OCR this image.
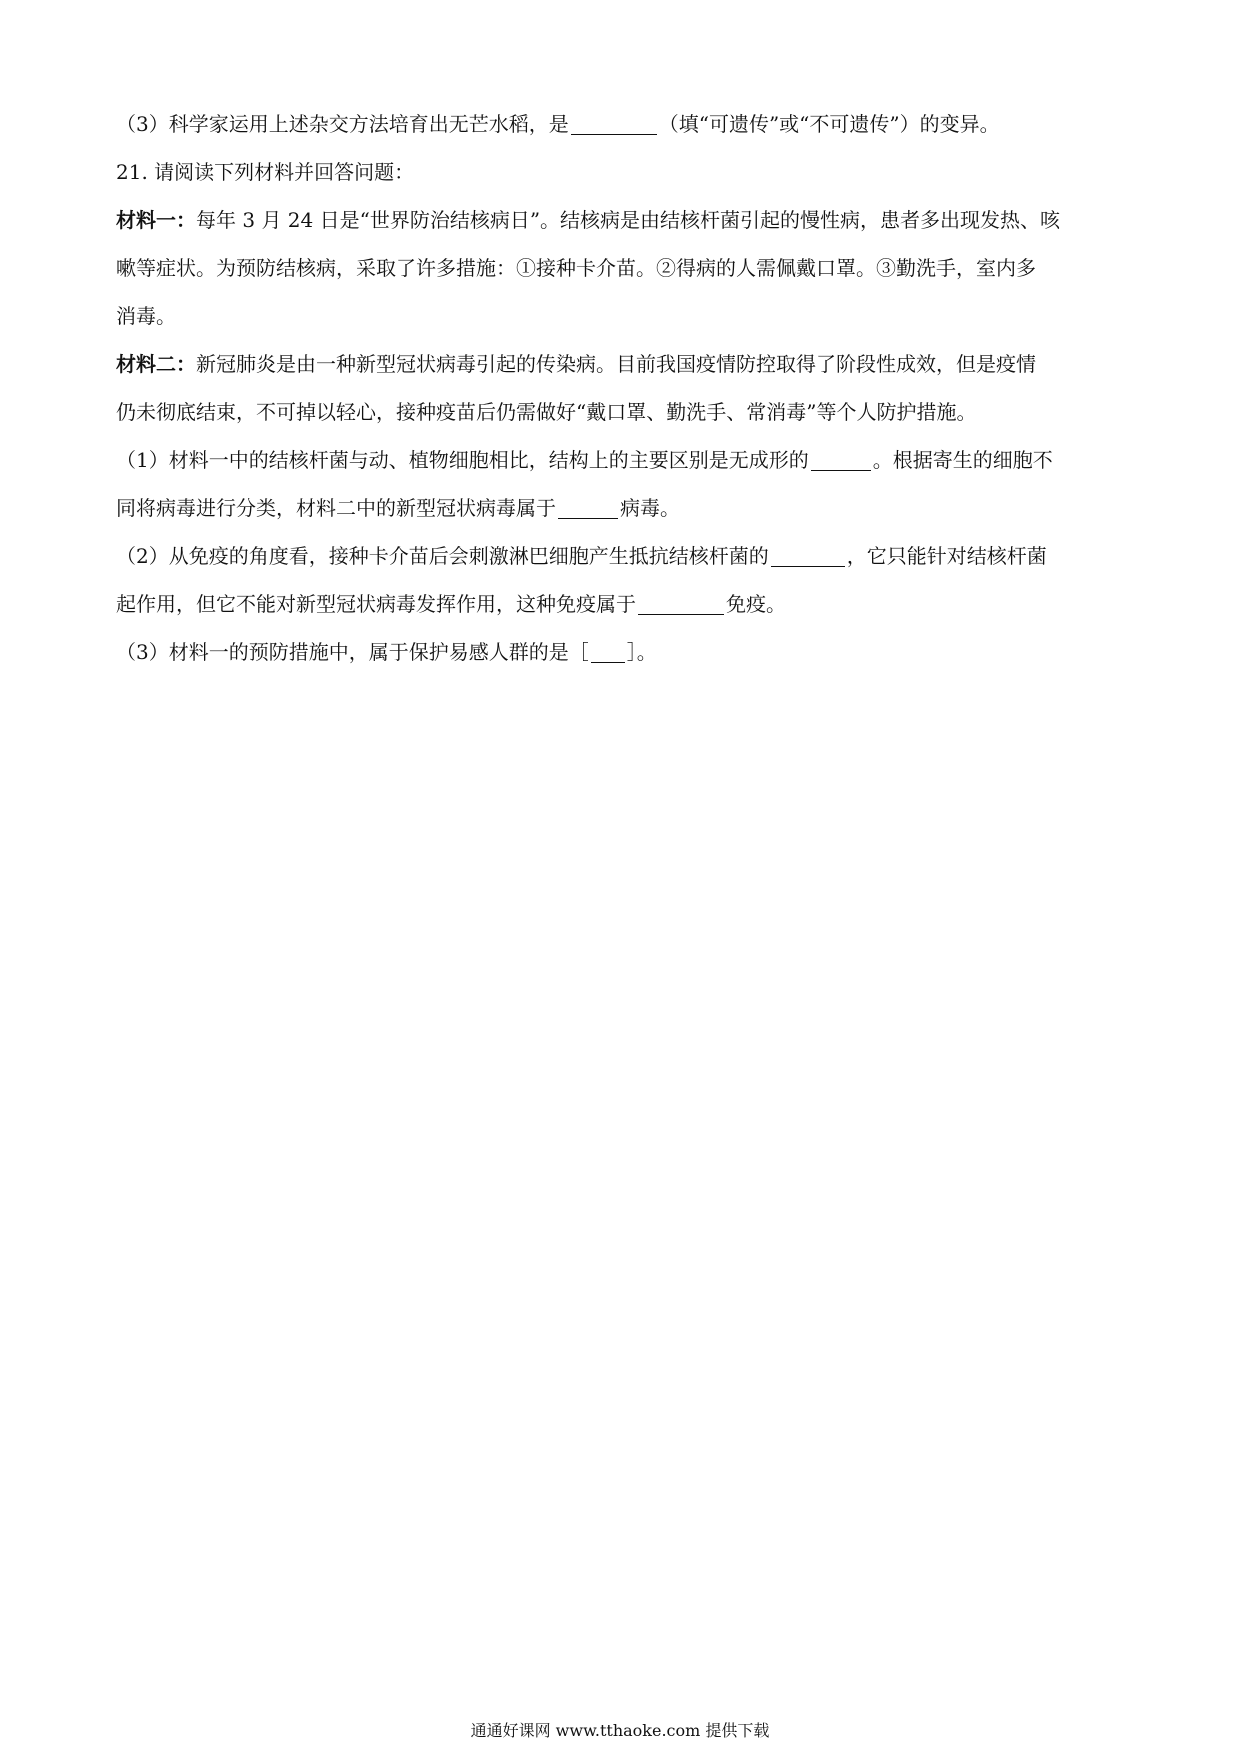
（3）科学家运用上述杂交方法培育出无芒水稻，是	（填“可遗传”或“不可遗传”）的变异。
21. 请阅读下列材料并回答问题：
材料一：每年 3 月 24 日是“世界防治结核病日”。结核病是由结核杆菌引起的慢性病，患者多出现发热、咳
嗽等症状。为预防结核病，采取了许多措施：①接种卡介苗。②得病的人需佩戴口罩。③勤洗手，室内多
消毒。
材料二：新冠肺炎是由一种新型冠状病毒引起的传染病。目前我国疫情防控取得了阶段性成效，但是疫情
仍未彻底结束，不可掉以轻心，接种疫苗后仍需做好“戴口罩、勤洗手、常消毒”等个人防护措施。
（1）材料一中的结核杆菌与动、植物细胞相比，结构上的主要区别是无成形的	。根据寄生的细胞不
同将病毒进行分类，材料二中的新型冠状病毒属于	病毒。
（2）从免疫的角度看，接种卡介苗后会刺激淋巴细胞产生抵抗结核杆菌的	，它只能针对结核杆菌
起作用，但它不能对新型冠状病毒发挥作用，这种免疫属于	免疫。
（3）材料一的预防措施中，属于保护易感人群的是［ ］。
通通好课网 www.tthaoke.com 提供下载
